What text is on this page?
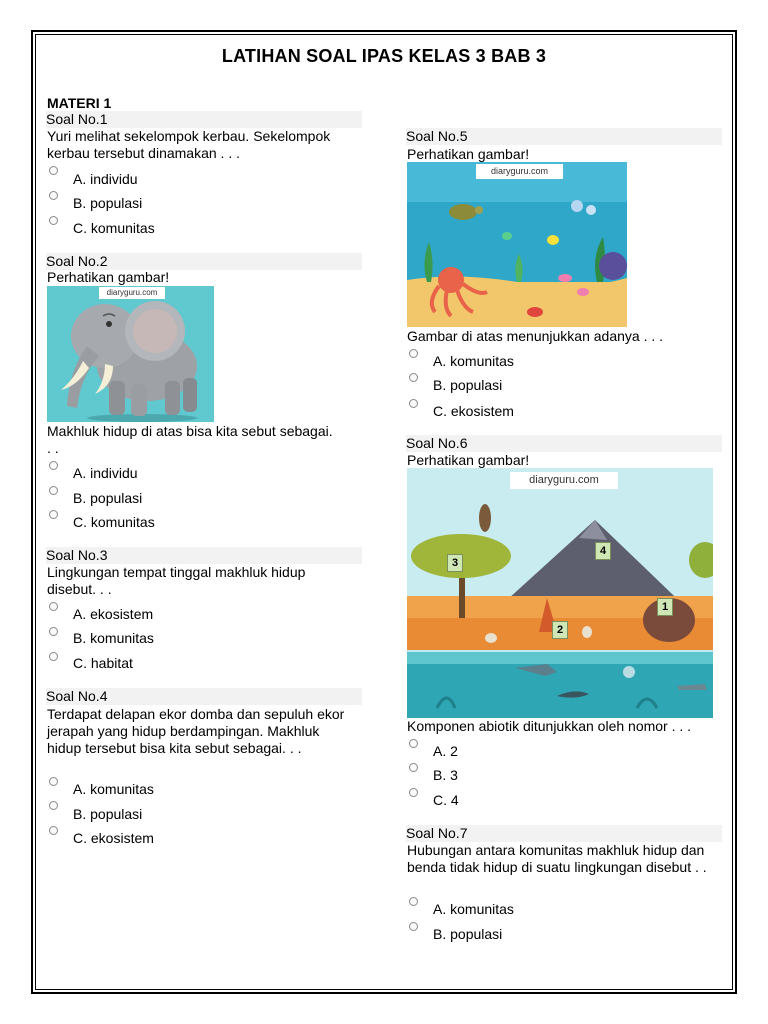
LATIHAN SOAL IPAS KELAS 3 BAB 3
MATERI 1
Soal No.1
Yuri melihat sekelompok kerbau. Sekelompok kerbau tersebut dinamakan . . .
A. individu
B. populasi
C. komunitas
Soal No.2
Perhatikan gambar!
diaryguru.com
Makhluk hidup di atas bisa kita sebut sebagai. . .
A. individu
B. populasi
C. komunitas
Soal No.3
Lingkungan tempat tinggal makhluk hidup disebut. . .
A. ekosistem
B. komunitas
C. habitat
Soal No.4
Terdapat delapan ekor domba dan sepuluh ekor jerapah yang hidup berdampingan. Makhluk hidup tersebut bisa kita sebut sebagai. . .
A. komunitas
B. populasi
C. ekosistem
Soal No.5
Perhatikan gambar!
diaryguru.com
Gambar di atas menunjukkan adanya . . .
A. komunitas
B. populasi
C. ekosistem
Soal No.6
Perhatikan gambar!
diaryguru.com
4
3
1
2
Komponen abiotik ditunjukkan oleh nomor . . .
A. 2
B. 3
C. 4
Soal No.7
Hubungan antara komunitas makhluk hidup dan benda tidak hidup di suatu lingkungan disebut . .
A. komunitas
B. populasi
